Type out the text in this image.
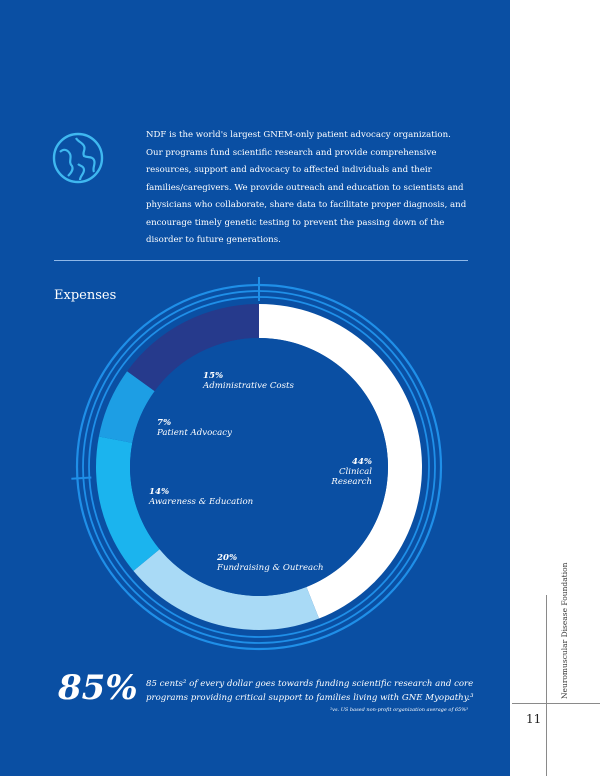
NDF is the world's largest GNEM-only patient advocacy organization. Our programs fund scientific research and provide comprehensive resources, support and advocacy to affected individuals and their families/caregivers. We provide outreach and education to scientists and physicians who collaborate, share data to facilitate proper diagnosis, and encourage timely genetic testing to prevent the passing down of the disorder to future generations.
Expenses
15%
Administrative Costs
7%
Patient Advocacy
44%
Clinical Research
14%
Awareness & Education
20%
Fundraising & Outreach
85% 85 cents² of every dollar goes towards funding scientific research and core programs providing critical support to families living with GNE Myopathy.³
²vs. US based non-profit organization average of 65%³
Neuromuscular Disease Foundation
11
